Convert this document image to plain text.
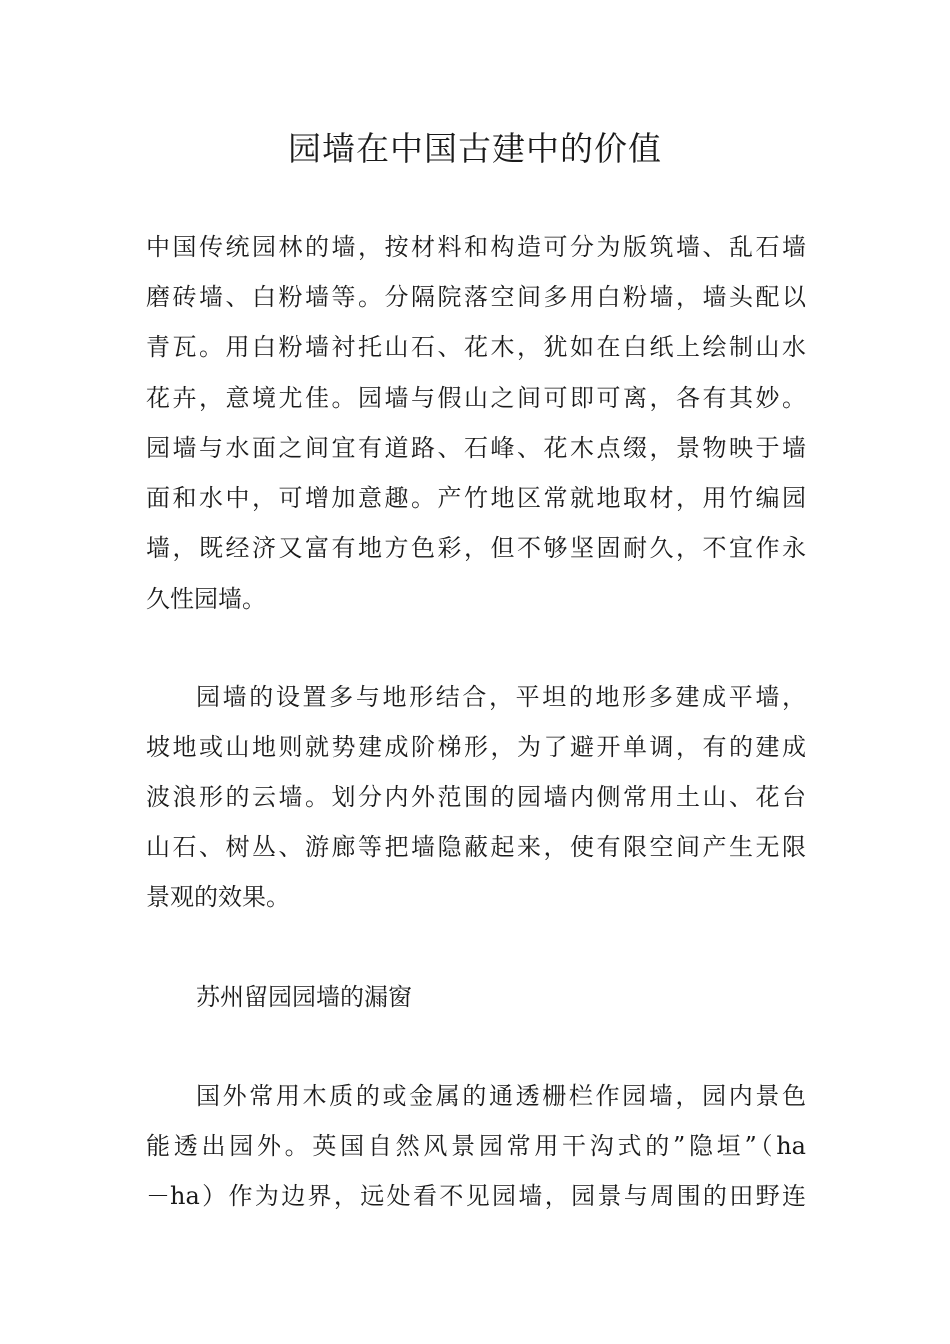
园墙在中国古建中的价值

中国传统园林的墙，按材料和构造可分为版筑墙、乱石墙

磨砖墙、白粉墙等。分隔院落空间多用白粉墙，墙头配以

青瓦。用白粉墙衬托山石、花木，犹如在白纸上绘制山水

花卉，意境尤佳。园墙与假山之间可即可离，各有其妙。

园墙与水面之间宜有道路、石峰、花木点缀，景物映于墙

面和水中，可增加意趣。产竹地区常就地取材，用竹编园

墙，既经济又富有地方色彩，但不够坚固耐久，不宜作永

久性园墙。

园墙的设置多与地形结合，平坦的地形多建成平墙，

坡地或山地则就势建成阶梯形，为了避开单调，有的建成

波浪形的云墙。划分内外范围的园墙内侧常用土山、花台

山石、树丛、游廊等把墙隐蔽起来，使有限空间产生无限

景观的效果。

苏州留园园墙的漏窗

国外常用木质的或金属的通透栅栏作园墙，园内景色

能透出园外。英国自然风景园常用干沟式的”隐垣”（ha

－ha）作为边界，远处看不见园墙，园景与周围的田野连
